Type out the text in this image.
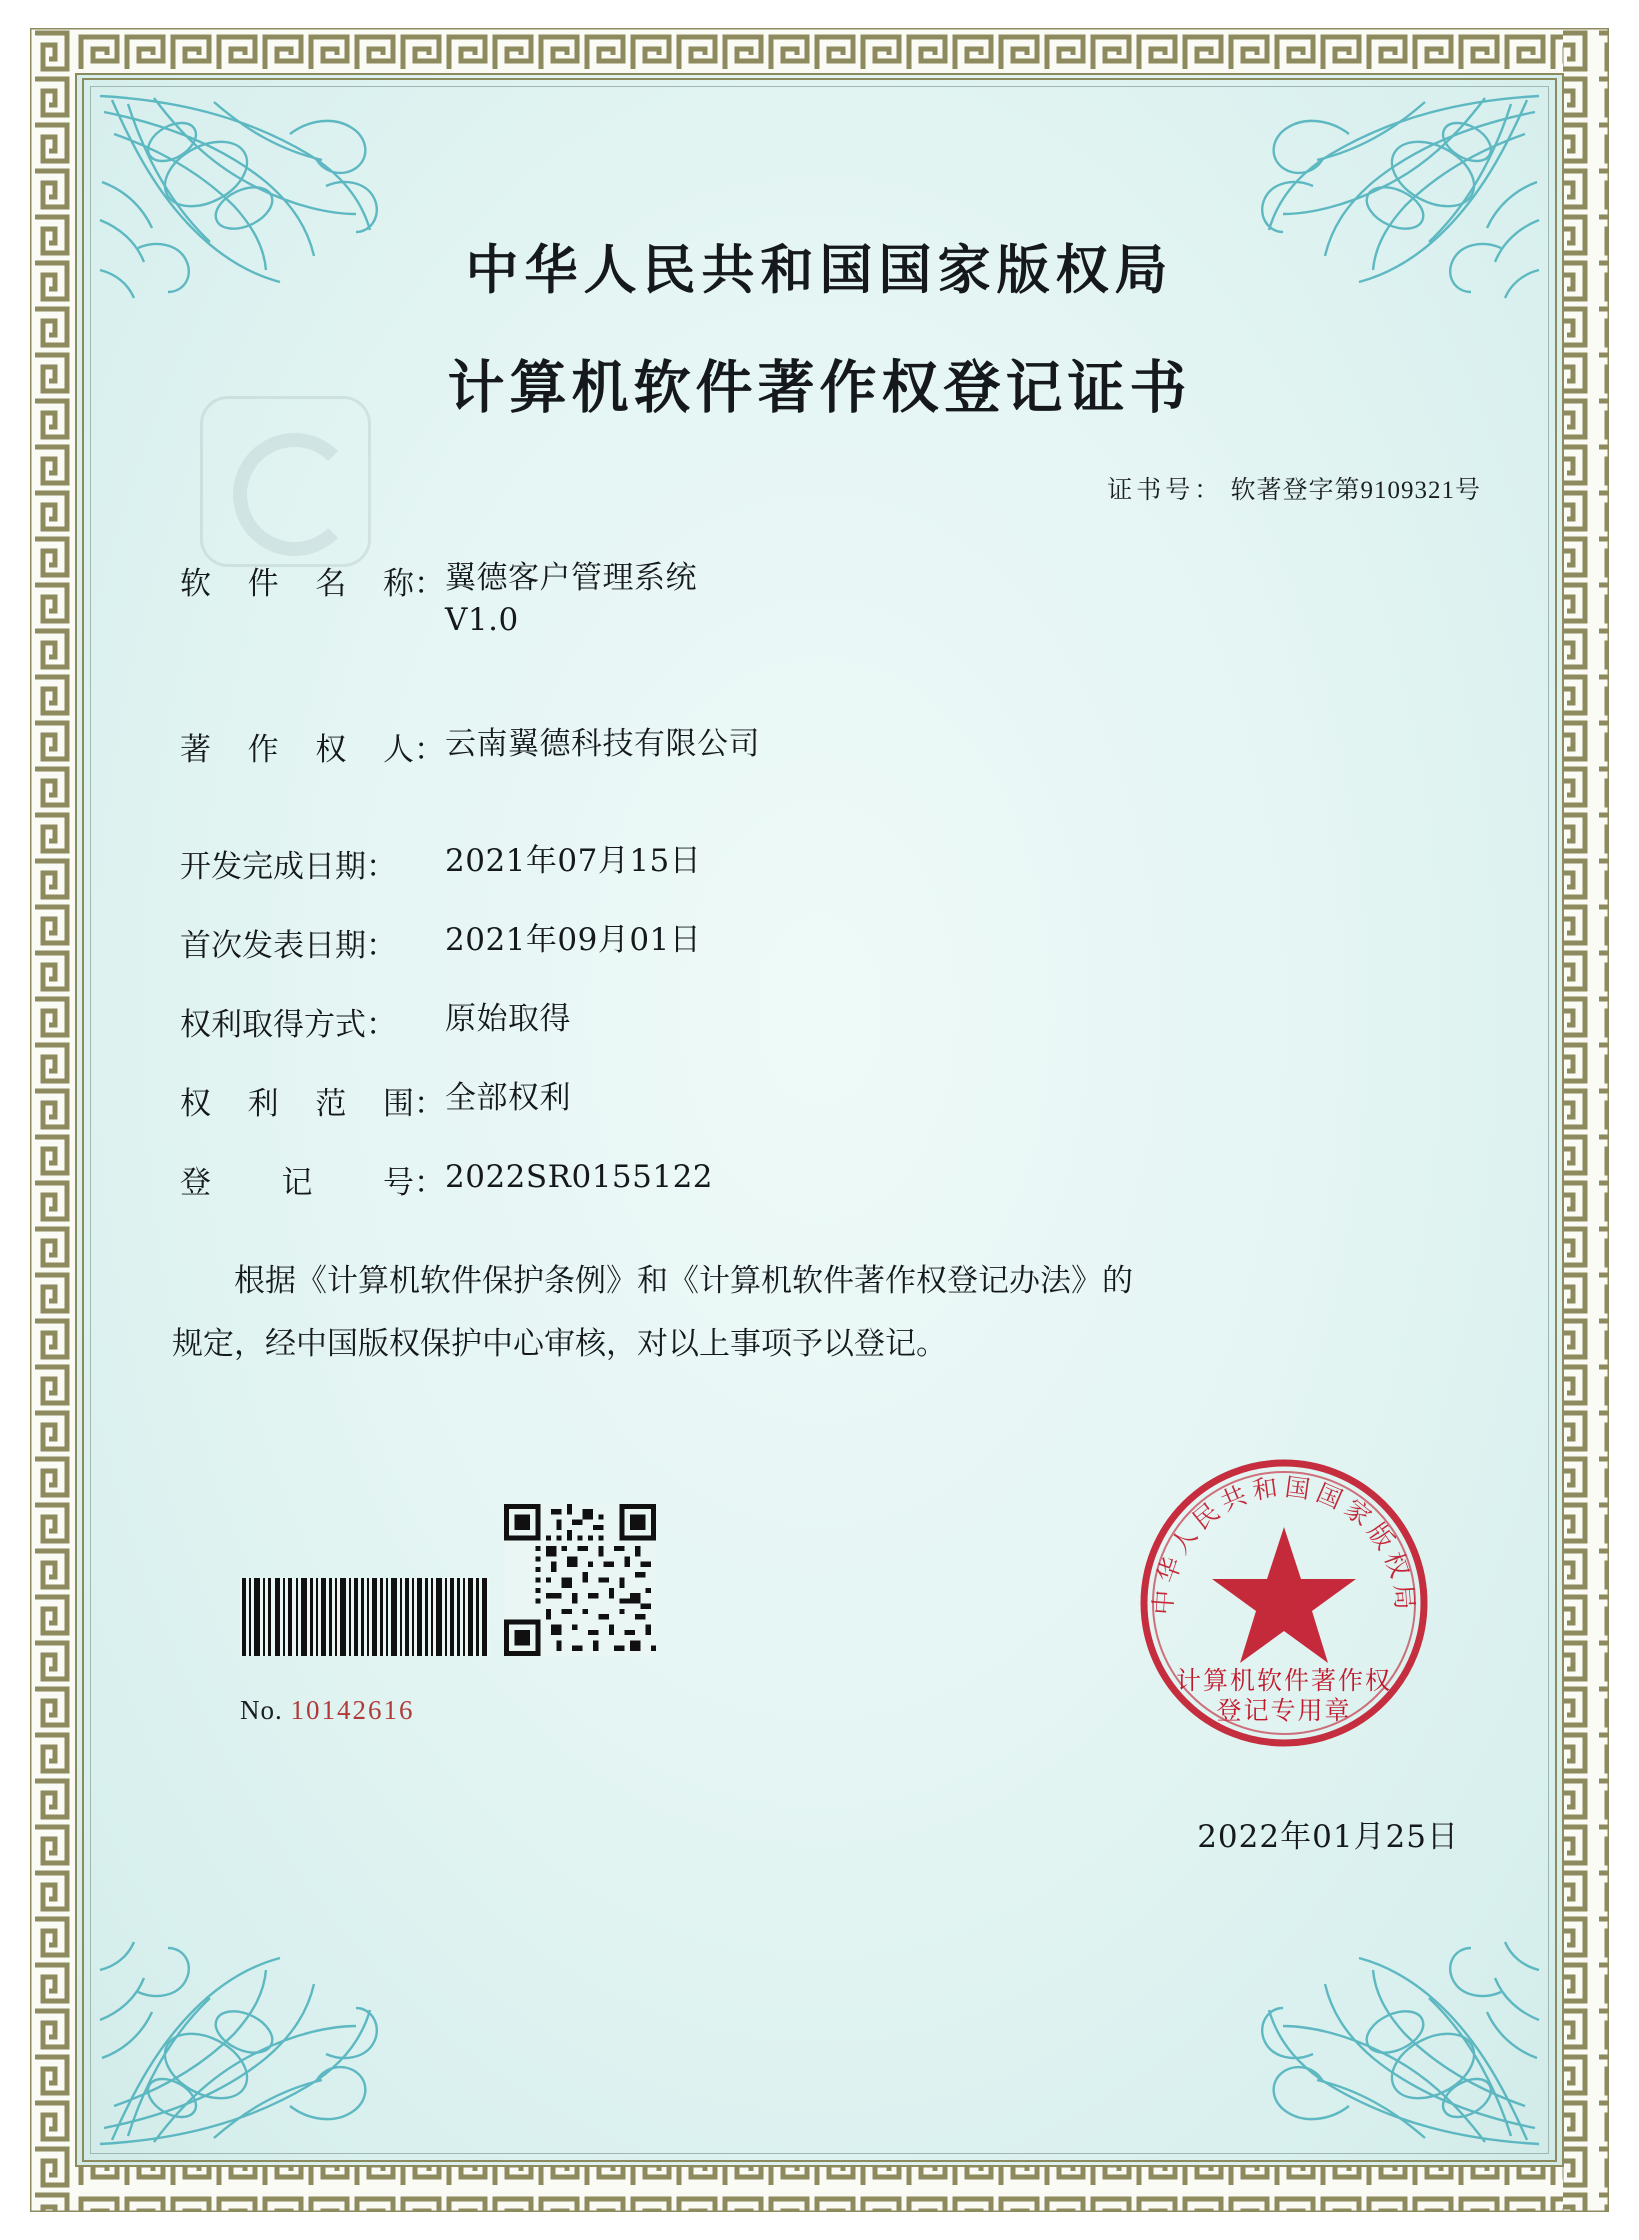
中华人民共和国国家版权局
计算机软件著作权登记证书
证书号： 软著登字第9109321号
软 件 名 称： 翼德客户管理系统
V1.0
著 作 权 人： 云南翼德科技有限公司
开发完成日期：	2021年07月15日
首次发表日期：	2021年09月01日
权利取得方式：	原始取得
权 利 范 围： 全部权利
登 记 号： 2022SR0155122
根据《计算机软件保护条例》和《计算机软件著作权登记办法》的
规定，经中国版权保护中心审核，对以上事项予以登记。

No. 10142616
中华人民共和国国家版权局
计算机软件著作权
登记专用章
2022年01月25日
